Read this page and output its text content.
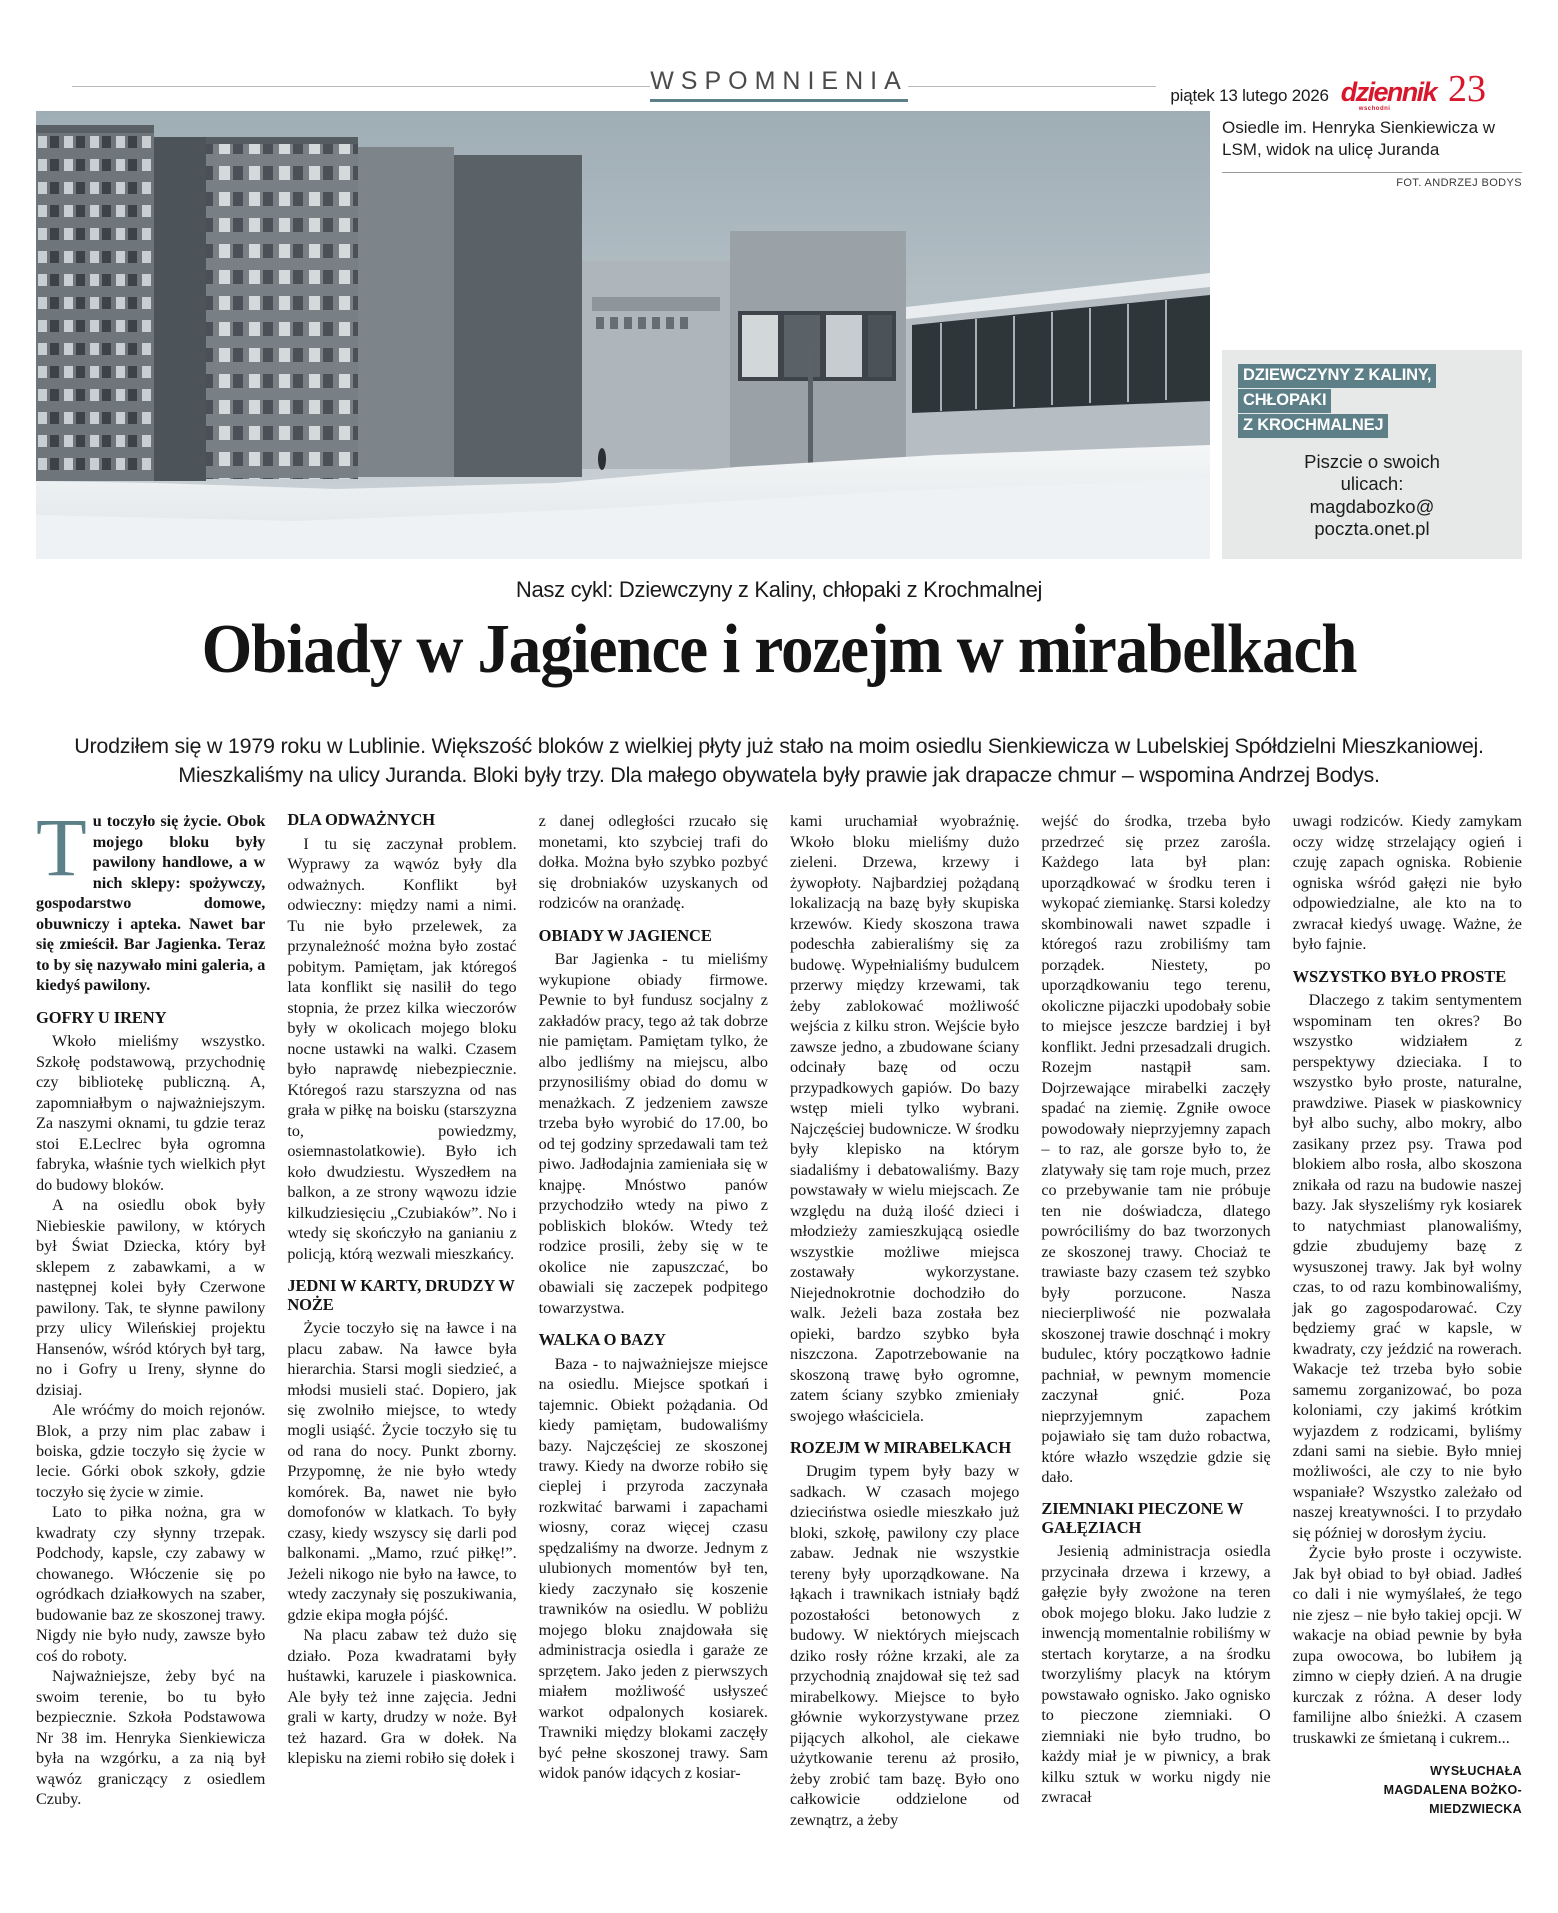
WSPOMNIENIA
piątek 13 lutego 2026 dziennik
wschodni 23
Osiedle im. Henryka Sienkiewicza w LSM, widok na ulicę Juranda
FOT. ANDRZEJ BODYS
DZIEWCZYNY Z KALINY,
CHŁOPAKI
Z KROCHMALNEJ
Piszcie o swoich
ulicach:
magdabozko@
poczta.onet.pl
Nasz cykl: Dziewczyny z Kaliny, chłopaki z Krochmalnej
Obiady w Jagience i rozejm w mirabelkach
Urodziłem się w 1979 roku w Lublinie. Większość bloków z wielkiej płyty już stało na moim osiedlu Sienkiewicza w Lubelskiej Spółdzielni Mieszkaniowej. Mieszkaliśmy na ulicy Juranda. Bloki były trzy. Dla małego obywatela były prawie jak drapacze chmur – wspomina Andrzej Bodys.

Tu toczyło się życie. Obok mojego bloku były pawilony handlowe, a w nich sklepy: spożywczy, gospodarstwo domowe, obuwniczy i apteka. Nawet bar się zmieścił. Bar Jagienka. Teraz to by się nazywało mini galeria, a kiedyś pawilony.

GOFRY U IRENY

Wkoło mieliśmy wszystko. Szkołę podstawową, przychodnię czy bibliotekę publiczną. A, zapomniałbym o najważniejszym. Za naszymi oknami, tu gdzie teraz stoi E.Leclrec była ogromna fabryka, właśnie tych wielkich płyt do budowy bloków.

A na osiedlu obok były Niebieskie pawilony, w których był Świat Dziecka, który był sklepem z zabawkami, a w następnej kolei były Czerwone pawilony. Tak, te słynne pawilony przy ulicy Wileńskiej projektu Hansenów, wśród których był targ, no i Gofry u Ireny, słynne do dzisiaj.

Ale wróćmy do moich rejonów. Blok, a przy nim plac zabaw i boiska, gdzie toczyło się życie w lecie. Górki obok szkoły, gdzie toczyło się życie w zimie.

Lato to piłka nożna, gra w kwadraty czy słynny trzepak. Podchody, kapsle, czy zabawy w chowanego. Włóczenie się po ogródkach działkowych na szaber, budowanie baz ze skoszonej trawy. Nigdy nie było nudy, zawsze było coś do roboty.

Najważniejsze, żeby być na swoim terenie, bo tu było bezpiecznie. Szkoła Podstawowa Nr 38 im. Henryka Sienkiewicza była na wzgórku, a za nią był wąwóz graniczący z osiedlem Czuby.

DLA ODWAŻNYCH

I tu się zaczynał problem. Wyprawy za wąwóz były dla odważnych. Konflikt był odwieczny: między nami a nimi. Tu nie było przelewek, za przynależność można było zostać pobitym. Pamiętam, jak któregoś lata konflikt się nasilił do tego stopnia, że przez kilka wieczorów były w okolicach mojego bloku nocne ustawki na walki. Czasem było naprawdę niebezpiecznie. Któregoś razu starszyzna od nas grała w piłkę na boisku (starszyzna to, powiedzmy, osiemnastolatkowie). Było ich koło dwudziestu. Wyszedłem na balkon, a ze strony wąwozu idzie kilkudziesięciu „Czubiaków”. No i wtedy się skończyło na ganianiu z policją, którą wezwali mieszkańcy.

JEDNI W KARTY, DRUDZY W NOŻE

Życie toczyło się na ławce i na placu zabaw. Na ławce była hierarchia. Starsi mogli siedzieć, a młodsi musieli stać. Dopiero, jak się zwolniło miejsce, to wtedy mogli usiąść. Życie toczyło się tu od rana do nocy. Punkt zborny. Przypomnę, że nie było wtedy komórek. Ba, nawet nie było domofonów w klatkach. To były czasy, kiedy wszyscy się darli pod balkonami. „Mamo, rzuć piłkę!”. Jeżeli nikogo nie było na ławce, to wtedy zaczynały się poszukiwania, gdzie ekipa mogła pójść.

Na placu zabaw też dużo się działo. Poza kwadratami były huśtawki, karuzele i piaskownica. Ale były też inne zajęcia. Jedni grali w karty, drudzy w noże. Był też hazard. Gra w dołek. Na klepisku na ziemi robiło się dołek i

z danej odległości rzucało się monetami, kto szybciej trafi do dołka. Można było szybko pozbyć się drobniaków uzyskanych od rodziców na oranżadę.

OBIADY W JAGIENCE

Bar Jagienka - tu mieliśmy wykupione obiady firmowe. Pewnie to był fundusz socjalny z zakładów pracy, tego aż tak dobrze nie pamiętam. Pamiętam tylko, że albo jedliśmy na miejscu, albo przynosiliśmy obiad do domu w menażkach. Z jedzeniem zawsze trzeba było wyrobić do 17.00, bo od tej godziny sprzedawali tam też piwo. Jadłodajnia zamieniała się w knajpę. Mnóstwo panów przychodziło wtedy na piwo z pobliskich bloków. Wtedy też rodzice prosili, żeby się w te okolice nie zapuszczać, bo obawiali się zaczepek podpitego towarzystwa.

WALKA O BAZY

Baza - to najważniejsze miejsce na osiedlu. Miejsce spotkań i tajemnic. Obiekt pożądania. Od kiedy pamiętam, budowaliśmy bazy. Najczęściej ze skoszonej trawy. Kiedy na dworze robiło się cieplej i przyroda zaczynała rozkwitać barwami i zapachami wiosny, coraz więcej czasu spędzaliśmy na dworze. Jednym z ulubionych momentów był ten, kiedy zaczynało się koszenie trawników na osiedlu. W pobliżu mojego bloku znajdowała się administracja osiedla i garaże ze sprzętem. Jako jeden z pierwszych miałem możliwość usłyszeć warkot odpalonych kosiarek. Trawniki między blokami zaczęły być pełne skoszonej trawy. Sam widok panów idących z kosiar-

kami uruchamiał wyobraźnię. Wkoło bloku mieliśmy dużo zieleni. Drzewa, krzewy i żywopłoty. Najbardziej pożądaną lokalizacją na bazę były skupiska krzewów. Kiedy skoszona trawa podeschła zabieraliśmy się za budowę. Wypełnialiśmy budulcem przerwy między krzewami, tak żeby zablokować możliwość wejścia z kilku stron. Wejście było zawsze jedno, a zbudowane ściany odcinały bazę od oczu przypadkowych gapiów. Do bazy wstęp mieli tylko wybrani. Najczęściej budownicze. W środku były klepisko na którym siadaliśmy i debatowaliśmy. Bazy powstawały w wielu miejscach. Ze względu na dużą ilość dzieci i młodzieży zamieszkującą osiedle wszystkie możliwe miejsca zostawały wykorzystane. Niejednokrotnie dochodziło do walk. Jeżeli baza została bez opieki, bardzo szybko była niszczona. Zapotrzebowanie na skoszoną trawę było ogromne, zatem ściany szybko zmieniały swojego właściciela.

ROZEJM W MIRABELKACH

Drugim typem były bazy w sadkach. W czasach mojego dzieciństwa osiedle mieszkało już bloki, szkołę, pawilony czy place zabaw. Jednak nie wszystkie tereny były uporządkowane. Na łąkach i trawnikach istniały bądź pozostałości betonowych z budowy. W niektórych miejscach dziko rosły różne krzaki, ale za przychodnią znajdował się też sad mirabelkowy. Miejsce to było głównie wykorzystywane przez pijących alkohol, ale ciekawe użytkowanie terenu aż prosiło, żeby zrobić tam bazę. Było ono całkowicie oddzielone od zewnątrz, a żeby

wejść do środka, trzeba było przedrzeć się przez zarośla. Każdego lata był plan: uporządkować w środku teren i wykopać ziemiankę. Starsi koledzy skombinowali nawet szpadle i któregoś razu zrobiliśmy tam porządek. Niestety, po uporządkowaniu tego terenu, okoliczne pijaczki upodobały sobie to miejsce jeszcze bardziej i był konflikt. Jedni przesadzali drugich. Rozejm nastąpił sam. Dojrzewające mirabelki zaczęły spadać na ziemię. Zgniłe owoce powodowały nieprzyjemny zapach – to raz, ale gorsze było to, że zlatywały się tam roje much, przez co przebywanie tam nie próbuje ten nie doświadcza, dlatego powróciliśmy do baz tworzonych ze skoszonej trawy. Chociaż te trawiaste bazy czasem też szybko były porzucone. Nasza niecierpliwość nie pozwalała skoszonej trawie doschnąć i mokry budulec, który początkowo ładnie pachniał, w pewnym momencie zaczynał gnić. Poza nieprzyjemnym zapachem pojawiało się tam dużo robactwa, które włazło wszędzie gdzie się dało.

ZIEMNIAKI PIECZONE W GAŁĘZIACH

Jesienią administracja osiedla przycinała drzewa i krzewy, a gałęzie były zwożone na teren obok mojego bloku. Jako ludzie z inwencją momentalnie robiliśmy w stertach korytarze, a na środku tworzyliśmy placyk na którym powstawało ognisko. Jako ognisko to pieczone ziemniaki. O ziemniaki nie było trudno, bo każdy miał je w piwnicy, a brak kilku sztuk w worku nigdy nie zwracał

uwagi rodziców. Kiedy zamykam oczy widzę strzelający ogień i czuję zapach ogniska. Robienie ogniska wśród gałęzi nie było odpowiedzialne, ale kto na to zwracał kiedyś uwagę. Ważne, że było fajnie.

WSZYSTKO BYŁO PROSTE

Dlaczego z takim sentymentem wspominam ten okres? Bo wszystko widziałem z perspektywy dzieciaka. I to wszystko było proste, naturalne, prawdziwe. Piasek w piaskownicy był albo suchy, albo mokry, albo zasikany przez psy. Trawa pod blokiem albo rosła, albo skoszona znikała od razu na budowie naszej bazy. Jak słyszeliśmy ryk kosiarek to natychmiast planowaliśmy, gdzie zbudujemy bazę z wysuszonej trawy. Jak był wolny czas, to od razu kombinowaliśmy, jak go zagospodarować. Czy będziemy grać w kapsle, w kwadraty, czy jeździć na rowerach. Wakacje też trzeba było sobie samemu zorganizować, bo poza koloniami, czy jakimś krótkim wyjazdem z rodzicami, byliśmy zdani sami na siebie. Było mniej możliwości, ale czy to nie było wspaniałe? Wszystko zależało od naszej kreatywności. I to przydało się później w dorosłym życiu.

Życie było proste i oczywiste. Jak był obiad to był obiad. Jadłeś co dali i nie wymyślałeś, że tego nie zjesz – nie było takiej opcji. W wakacje na obiad pewnie by była zupa owocowa, bo lubiłem ją zimno w ciepły dzień. A na drugie kurczak z różna. A deser lody familijne albo śnieżki. A czasem truskawki ze śmietaną i cukrem...

WYSŁUCHAŁA
MAGDALENA BOŻKO-MIEDZWIECKA
